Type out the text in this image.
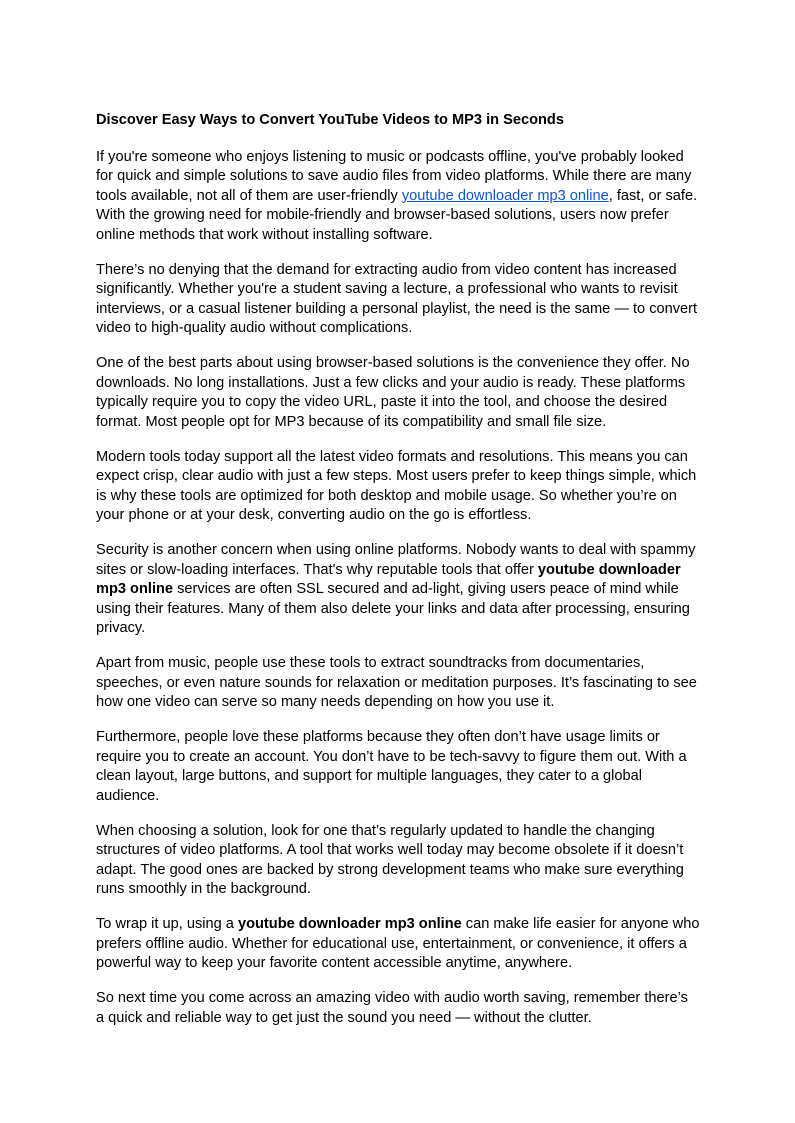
Discover Easy Ways to Convert YouTube Videos to MP3 in Seconds

If you're someone who enjoys listening to music or podcasts offline, you've probably looked for quick and simple solutions to save audio files from video platforms. While there are many tools available, not all of them are user-friendly youtube downloader mp3 online, fast, or safe. With the growing need for mobile-friendly and browser-based solutions, users now prefer online methods that work without installing software.

There’s no denying that the demand for extracting audio from video content has increased significantly. Whether you're a student saving a lecture, a professional who wants to revisit interviews, or a casual listener building a personal playlist, the need is the same — to convert video to high-quality audio without complications.

One of the best parts about using browser-based solutions is the convenience they offer. No downloads. No long installations. Just a few clicks and your audio is ready. These platforms typically require you to copy the video URL, paste it into the tool, and choose the desired format. Most people opt for MP3 because of its compatibility and small file size.

Modern tools today support all the latest video formats and resolutions. This means you can expect crisp, clear audio with just a few steps. Most users prefer to keep things simple, which is why these tools are optimized for both desktop and mobile usage. So whether you’re on your phone or at your desk, converting audio on the go is effortless.

Security is another concern when using online platforms. Nobody wants to deal with spammy sites or slow-loading interfaces. That's why reputable tools that offer youtube downloader mp3 online services are often SSL secured and ad-light, giving users peace of mind while using their features. Many of them also delete your links and data after processing, ensuring privacy.

Apart from music, people use these tools to extract soundtracks from documentaries, speeches, or even nature sounds for relaxation or meditation purposes. It’s fascinating to see how one video can serve so many needs depending on how you use it.

Furthermore, people love these platforms because they often don’t have usage limits or require you to create an account. You don’t have to be tech-savvy to figure them out. With a clean layout, large buttons, and support for multiple languages, they cater to a global audience.

When choosing a solution, look for one that’s regularly updated to handle the changing structures of video platforms. A tool that works well today may become obsolete if it doesn’t adapt. The good ones are backed by strong development teams who make sure everything runs smoothly in the background.

To wrap it up, using a youtube downloader mp3 online can make life easier for anyone who prefers offline audio. Whether for educational use, entertainment, or convenience, it offers a powerful way to keep your favorite content accessible anytime, anywhere.

So next time you come across an amazing video with audio worth saving, remember there’s a quick and reliable way to get just the sound you need — without the clutter.
